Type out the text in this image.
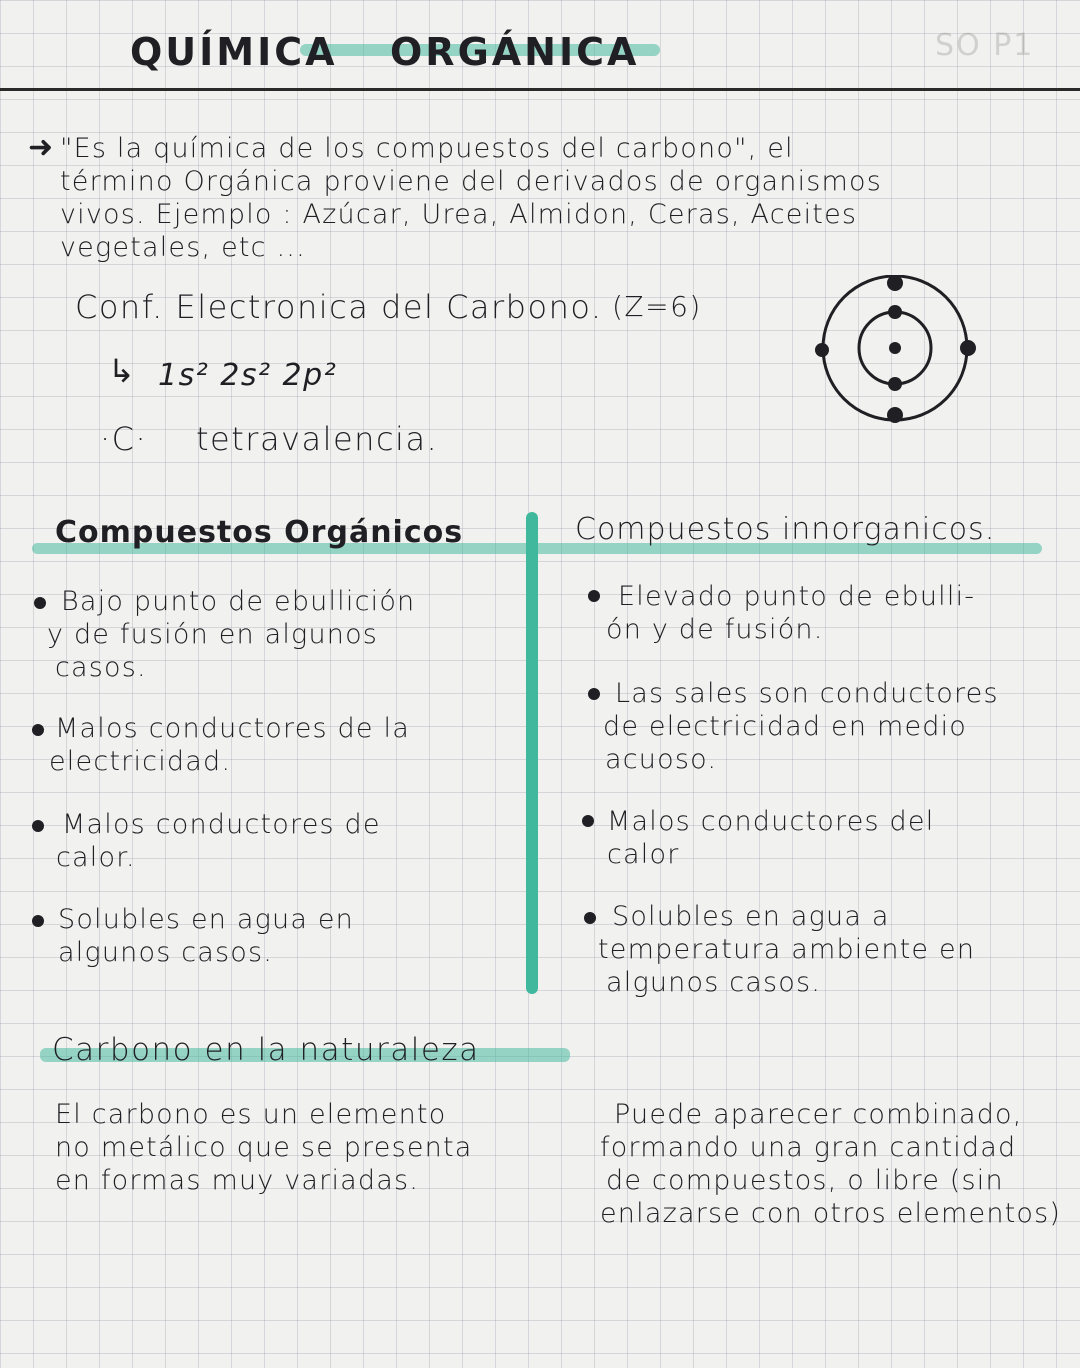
QUÍMICA ORGÁNICA	SO P1
➜ "Es la química de los compuestos del carbono", el

término Orgánica proviene del derivados de organismos

vivos. Ejemplo : Azúcar, Urea, Almidon, Ceras, Aceites

vegetales, etc ...

Conf. Electronica del Carbono. (Z=6)
↳ 1s² 2s² 2p²
·C· tetravalencia.
Compuestos Orgánicos	Compuestos innorganicos.

Bajo punto de ebullición

y de fusión en algunos

casos.

Malos conductores de la

electricidad.

Malos conductores de

calor.

Solubles en agua en

algunos casos.

Elevado punto de ebulli-

ón y de fusión.

Las sales son conductores

de electricidad en medio

acuoso.

Malos conductores del

calor

Solubles en agua a

temperatura ambiente en

algunos casos.

Carbono en la naturaleza

El carbono es un elemento

no metálico que se presenta

en formas muy variadas.

Puede aparecer combinado,

formando una gran cantidad

de compuestos, o libre (sin

enlazarse con otros elementos)
